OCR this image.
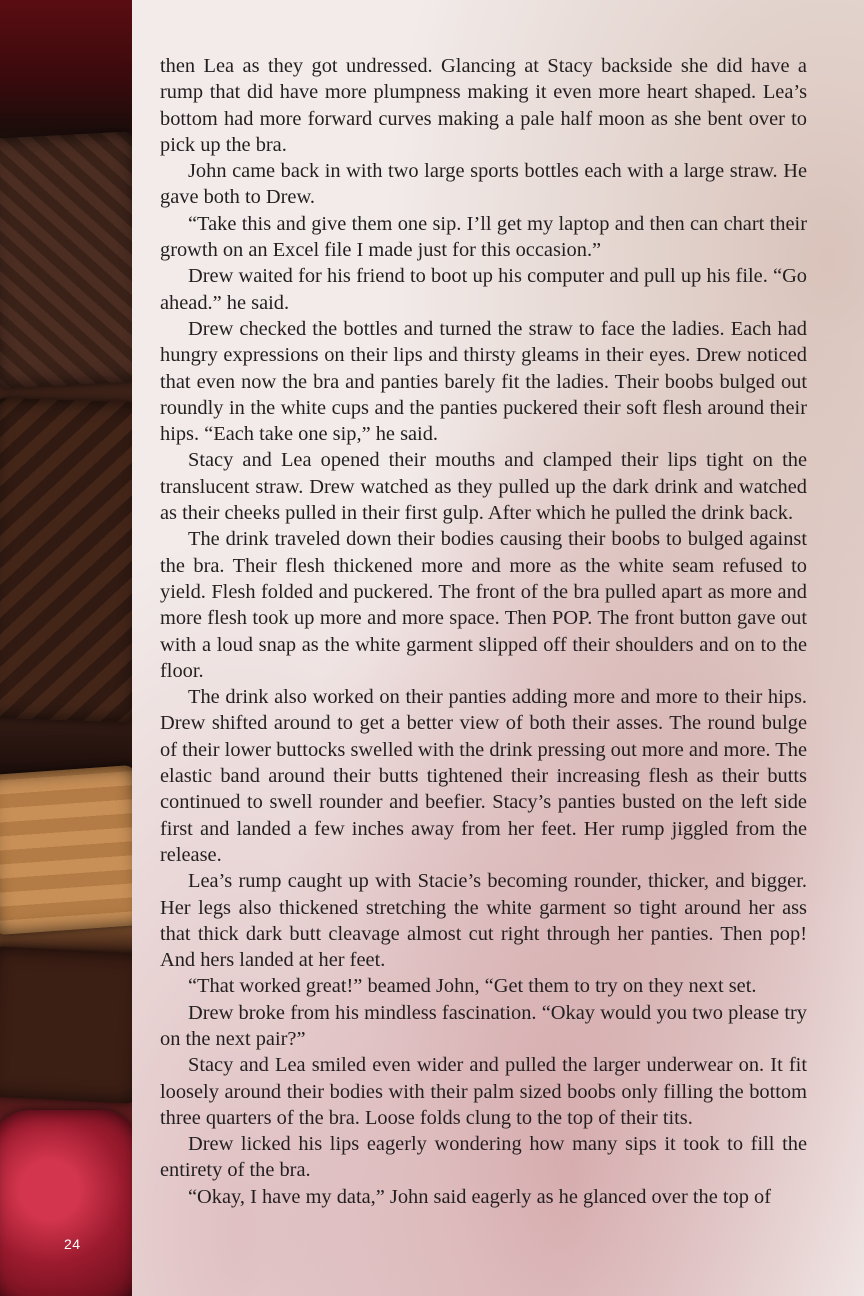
then Lea as they got undressed. Glancing at Stacy backside she did have a rump that did have more plumpness making it even more heart shaped. Lea’s bottom had more forward curves making a pale half moon as she bent over to pick up the bra.

John came back in with two large sports bottles each with a large straw. He gave both to Drew.

“Take this and give them one sip. I’ll get my laptop and then can chart their growth on an Excel file I made just for this occasion.”

Drew waited for his friend to boot up his computer and pull up his file. “Go ahead.” he said.

Drew checked the bottles and turned the straw to face the ladies. Each had hungry expressions on their lips and thirsty gleams in their eyes. Drew noticed that even now the bra and panties barely fit the ladies. Their boobs bulged out roundly in the white cups and the panties puckered their soft flesh around their hips. “Each take one sip,” he said.

Stacy and Lea opened their mouths and clamped their lips tight on the translucent straw. Drew watched as they pulled up the dark drink and watched as their cheeks pulled in their first gulp. After which he pulled the drink back.

The drink traveled down their bodies causing their boobs to bulged against the bra. Their flesh thickened more and more as the white seam refused to yield. Flesh folded and puckered. The front of the bra pulled apart as more and more flesh took up more and more space. Then POP. The front button gave out with a loud snap as the white garment slipped off their shoulders and on to the floor.

The drink also worked on their panties adding more and more to their hips. Drew shifted around to get a better view of both their asses. The round bulge of their lower buttocks swelled with the drink pressing out more and more. The elastic band around their butts tightened their increasing flesh as their butts continued to swell rounder and beefier. Stacy’s panties busted on the left side first and landed a few inches away from her feet. Her rump jiggled from the release.

Lea’s rump caught up with Stacie’s becoming rounder, thicker, and bigger. Her legs also thickened stretching the white garment so tight around her ass that thick dark butt cleavage almost cut right through her panties. Then pop! And hers landed at her feet.

“That worked great!” beamed John, “Get them to try on they next set.

Drew broke from his mindless fascination. “Okay would you two please try on the next pair?”

Stacy and Lea smiled even wider and pulled the larger underwear on. It fit loosely around their bodies with their palm sized boobs only filling the bottom three quarters of the bra. Loose folds clung to the top of their tits.

Drew licked his lips eagerly wondering how many sips it took to fill the entirety of the bra.

“Okay, I have my data,” John said eagerly as he glanced over the top of

24
